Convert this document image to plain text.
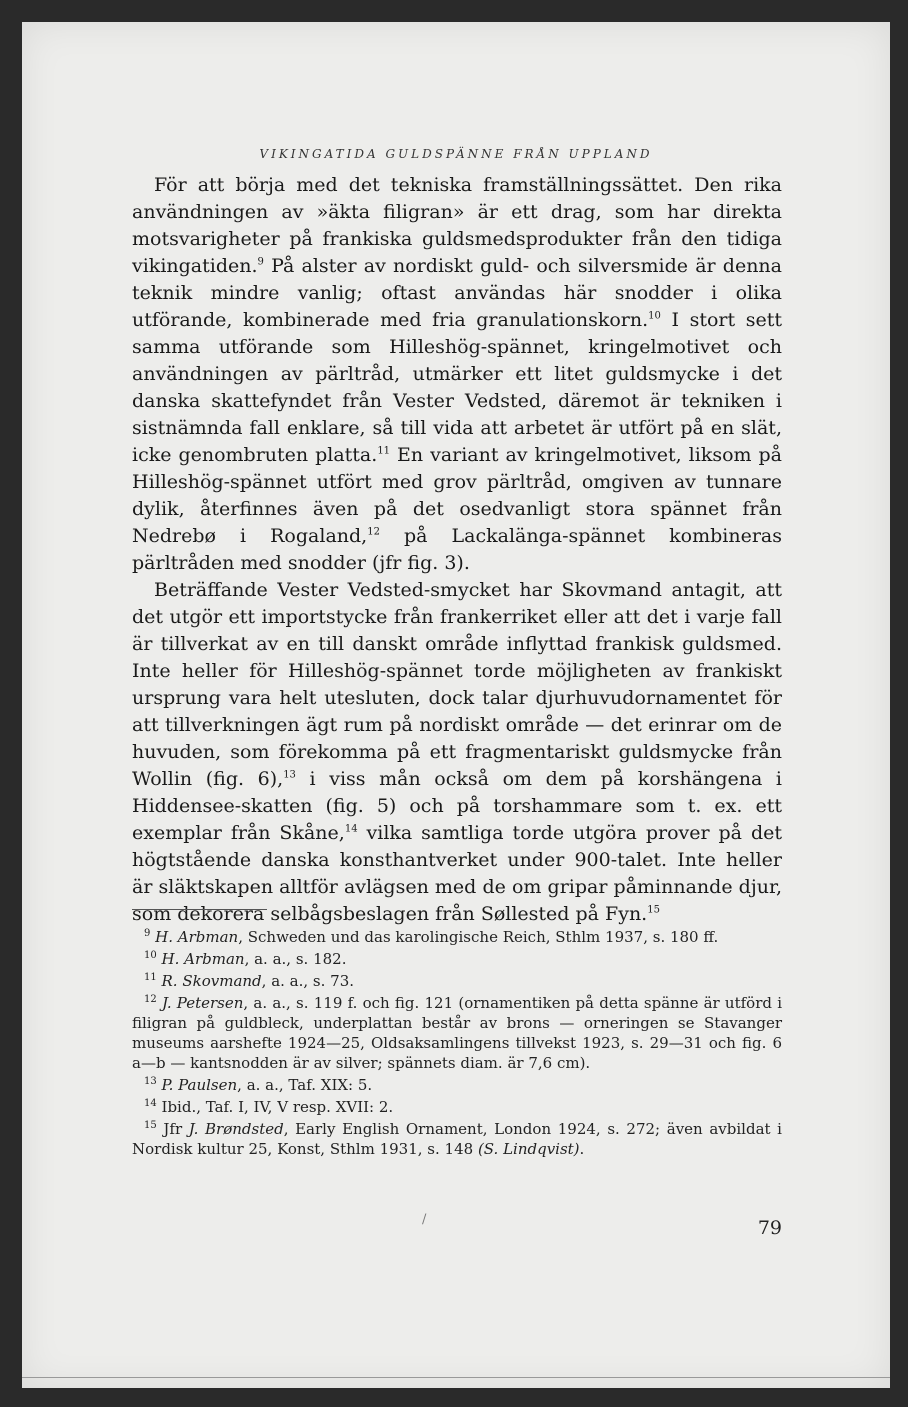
VIKINGATIDA GULDSPÄNNE FRÅN UPPLAND

För att börja med det tekniska framställningssättet. Den rika användningen av »äkta filigran» är ett drag, som har direkta motsvarigheter på frankiska guldsmedsprodukter från den tidiga vikingatiden.$^9$ På alster av nordiskt guld- och silversmide är denna teknik mindre vanlig; oftast användas här snodder i olika utförande, kombinerade med fria granulationskorn.$^{10}$ I stort sett samma utförande som Hilleshög-spännet, kringelmotivet och användningen av pärltråd, utmärker ett litet guldsmycke i det danska skattefyndet från Vester Vedsted, däremot är tekniken i sistnämnda fall enklare, så till vida att arbetet är utfört på en slät, icke genombruten platta.$^{11}$ En variant av kringelmotivet, liksom på Hilleshög-spännet utfört med grov pärltråd, omgiven av tunnare dylik, återfinnes även på det osedvanligt stora spännet från Nedrebø i Rogaland,$^{12}$ på Lackalänga-spännet kombineras pärltråden med snodder (jfr fig. 3).

Beträffande Vester Vedsted-smycket har Skovmand antagit, att det utgör ett importstycke från frankerriket eller att det i varje fall är tillverkat av en till danskt område inflyttad frankisk guldsmed. Inte heller för Hilleshög-spännet torde möjligheten av frankiskt ursprung vara helt utesluten, dock talar djurhuvudornamentet för att tillverkningen ägt rum på nordiskt område — det erinrar om de huvuden, som förekomma på ett fragmentariskt guldsmycke från Wollin (fig. 6),$^{13}$ i viss mån också om dem på korshängena i Hiddensee-skatten (fig. 5) och på torshammare som t. ex. ett exemplar från Skåne,$^{14}$ vilka samtliga torde utgöra prover på det högtstående danska konsthantverket under 900-talet. Inte heller är släktskapen alltför avlägsen med de om gripar påminnande djur, som dekorera selbågsbeslagen från Søllested på Fyn.$^{15}$

$^9$ H. Arbman, Schweden und das karolingische Reich, Sthlm 1937, s. 180 ff.

$^{10}$ H. Arbman, a. a., s. 182.

$^{11}$ R. Skovmand, a. a., s. 73.

$^{12}$ J. Petersen, a. a., s. 119 f. och fig. 121 (ornamentiken på detta spänne är utförd i filigran på guldbleck, underplattan består av brons — orneringen se Stavanger museums aarshefte 1924—25, Oldsaksamlingens tillvekst 1923, s. 29—31 och fig. 6 a—b — kantsnodden är av silver; spännets diam. är 7,6 cm).

$^{13}$ P. Paulsen, a. a., Taf. XIX: 5.

$^{14}$ Ibid., Taf. I, IV, V resp. XVII: 2.

$^{15}$ Jfr J. Brøndsted, Early English Ornament, London 1924, s. 272; även avbildat i Nordisk kultur 25, Konst, Sthlm 1931, s. 148 (S. Lindqvist).

/	79
